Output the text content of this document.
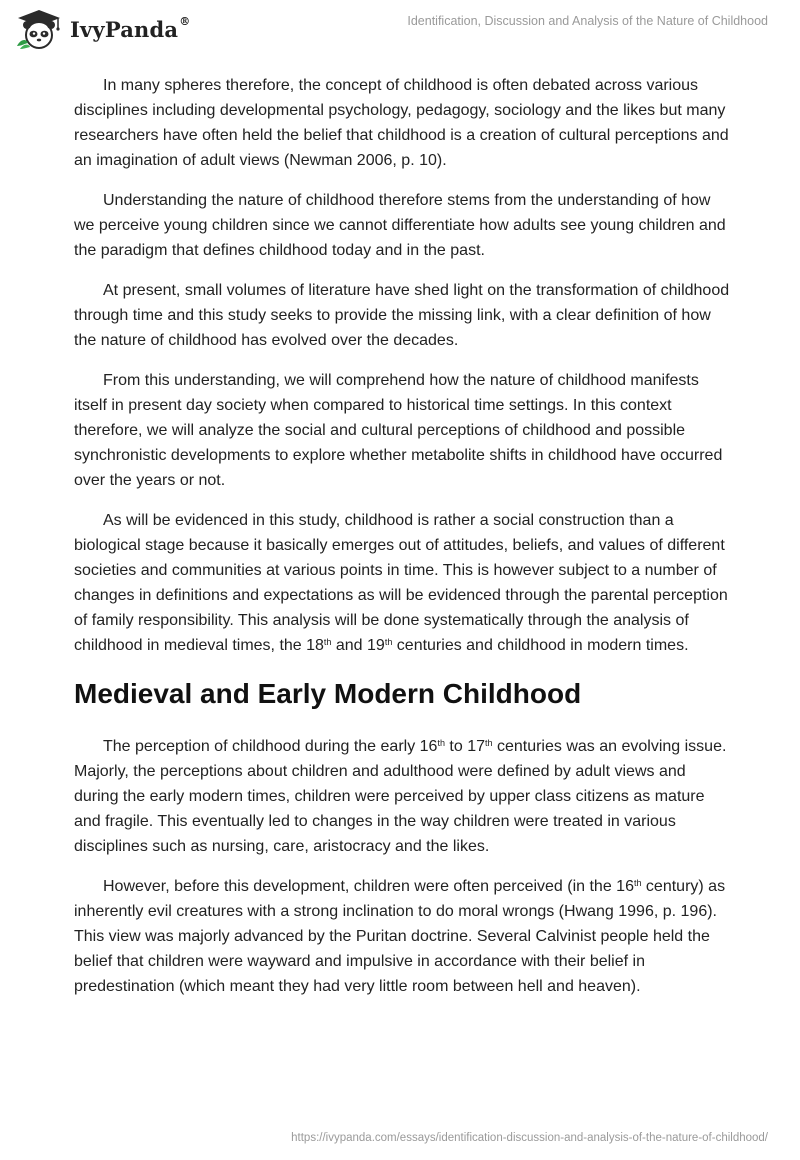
IvyPanda®	Identification, Discussion and Analysis of the Nature of Childhood

In many spheres therefore, the concept of childhood is often debated across various disciplines including developmental psychology, pedagogy, sociology and the likes but many researchers have often held the belief that childhood is a creation of cultural perceptions and an imagination of adult views (Newman 2006, p. 10).

Understanding the nature of childhood therefore stems from the understanding of how we perceive young children since we cannot differentiate how adults see young children and the paradigm that defines childhood today and in the past.

At present, small volumes of literature have shed light on the transformation of childhood through time and this study seeks to provide the missing link, with a clear definition of how the nature of childhood has evolved over the decades.

From this understanding, we will comprehend how the nature of childhood manifests itself in present day society when compared to historical time settings. In this context therefore, we will analyze the social and cultural perceptions of childhood and possible synchronistic developments to explore whether metabolite shifts in childhood have occurred over the years or not.

As will be evidenced in this study, childhood is rather a social construction than a biological stage because it basically emerges out of attitudes, beliefs, and values of different societies and communities at various points in time. This is however subject to a number of changes in definitions and expectations as will be evidenced through the parental perception of family responsibility. This analysis will be done systematically through the analysis of childhood in medieval times, the 18th and 19th centuries and childhood in modern times.

Medieval and Early Modern Childhood

The perception of childhood during the early 16th to 17th centuries was an evolving issue. Majorly, the perceptions about children and adulthood were defined by adult views and during the early modern times, children were perceived by upper class citizens as mature and fragile. This eventually led to changes in the way children were treated in various disciplines such as nursing, care, aristocracy and the likes.

However, before this development, children were often perceived (in the 16th century) as inherently evil creatures with a strong inclination to do moral wrongs (Hwang 1996, p. 196). This view was majorly advanced by the Puritan doctrine. Several Calvinist people held the belief that children were wayward and impulsive in accordance with their belief in predestination (which meant they had very little room between hell and heaven).

https://ivypanda.com/essays/identification-discussion-and-analysis-of-the-nature-of-childhood/
